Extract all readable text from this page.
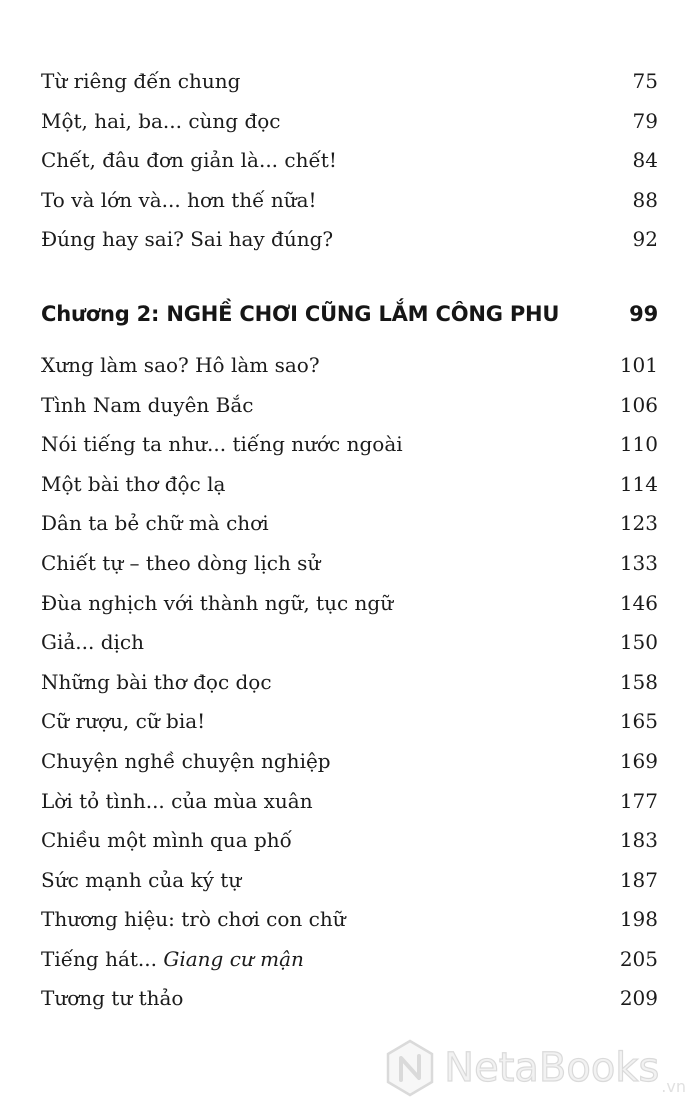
Từ riêng đến chung	75
Một, hai, ba... cùng đọc	79
Chết, đâu đơn giản là... chết!	84
To và lớn và... hơn thế nữa!	88
Đúng hay sai? Sai hay đúng?	92
Chương 2: NGHỀ CHƠI CŨNG LẮM CÔNG PHU	99
Xưng làm sao? Hô làm sao?	101
Tình Nam duyên Bắc	106
Nói tiếng ta như... tiếng nước ngoài	110
Một bài thơ độc lạ	114
Dân ta bẻ chữ mà chơi	123
Chiết tự – theo dòng lịch sử	133
Đùa nghịch với thành ngữ, tục ngữ	146
Giả... dịch	150
Những bài thơ đọc dọc	158
Cữ rượu, cữ bia!	165
Chuyện nghề chuyện nghiệp	169
Lời tỏ tình... của mùa xuân	177
Chiều một mình qua phố	183
Sức mạnh của ký tự	187
Thương hiệu: trò chơi con chữ	198
Tiếng hát... Giang cư mận	205
Tương tư thảo	209
NetaBooks .vn
